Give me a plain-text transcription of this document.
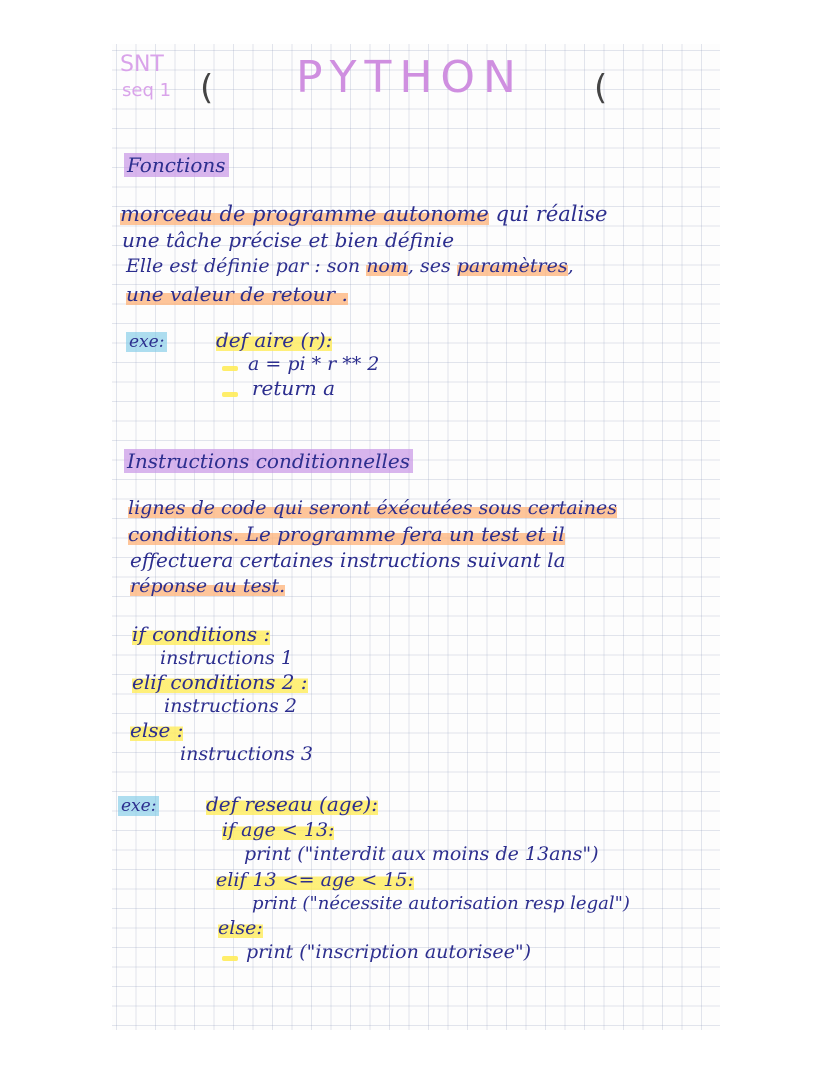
SNT
seq 1 ( PYTHON (
Fonctions
morceau de programme autonome qui réalise
une tâche précise et bien définie
Elle est définie par : son nom, ses paramètres,
une valeur de retour .
exe:	def aire (r):
a = pi * r ** 2
return a
Instructions conditionnelles
lignes de code qui seront éxécutées sous certaines
conditions. Le programme fera un test et il
effectuera certaines instructions suivant la
réponse au test.
if conditions :
instructions 1
elif conditions 2 :
instructions 2
else :
instructions 3
exe: def reseau (age):
if age < 13:
print ("interdit aux moins de 13ans")
elif 13 <= age < 15:
print ("nécessite autorisation resp legal")
else:
print ("inscription autorisee")
